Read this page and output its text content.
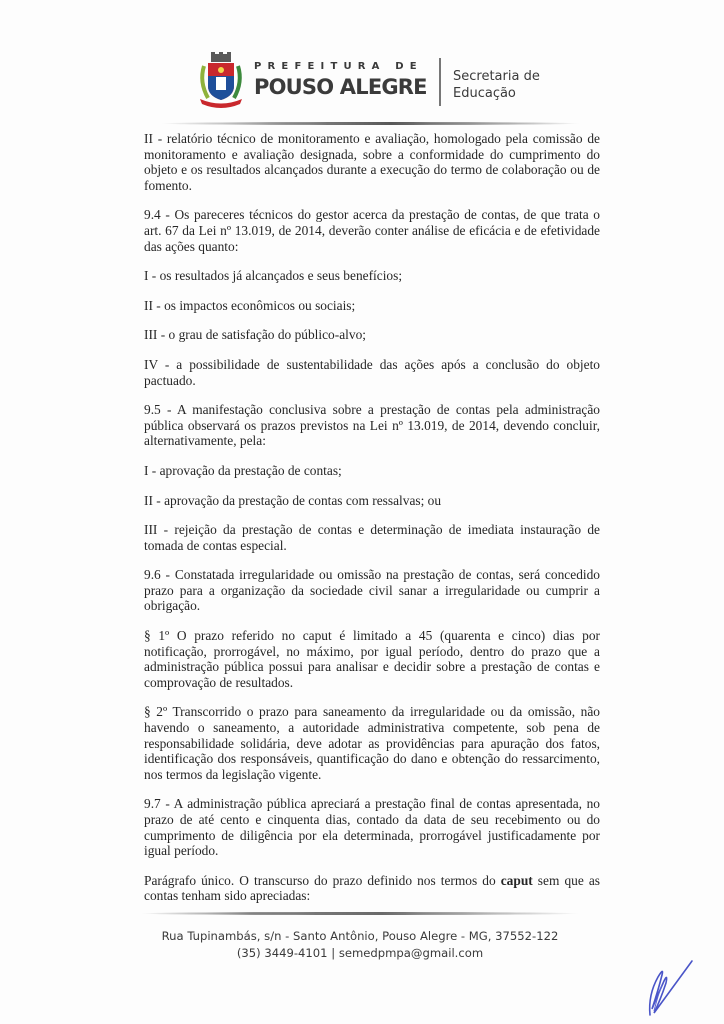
PREFEITURA DE
POUSO ALEGRE Secretaria de
Educação

II - relatório técnico de monitoramento e avaliação, homologado pela comissão de monitoramento e avaliação designada, sobre a conformidade do cumprimento do objeto e os resultados alcançados durante a execução do termo de colaboração ou de fomento.

9.4 - Os pareceres técnicos do gestor acerca da prestação de contas, de que trata o art. 67 da Lei nº 13.019, de 2014, deverão conter análise de eficácia e de efetividade das ações quanto:

I - os resultados já alcançados e seus benefícios;

II - os impactos econômicos ou sociais;

III - o grau de satisfação do público-alvo;

IV - a possibilidade de sustentabilidade das ações após a conclusão do objeto pactuado.

9.5 - A manifestação conclusiva sobre a prestação de contas pela administração pública observará os prazos previstos na Lei nº 13.019, de 2014, devendo concluir, alternativamente, pela:

I - aprovação da prestação de contas;

II - aprovação da prestação de contas com ressalvas; ou

III - rejeição da prestação de contas e determinação de imediata instauração de tomada de contas especial.

9.6 - Constatada irregularidade ou omissão na prestação de contas, será concedido prazo para a organização da sociedade civil sanar a irregularidade ou cumprir a obrigação.

§ 1º O prazo referido no caput é limitado a 45 (quarenta e cinco) dias por notificação, prorrogável, no máximo, por igual período, dentro do prazo que a administração pública possui para analisar e decidir sobre a prestação de contas e comprovação de resultados.

§ 2º Transcorrido o prazo para saneamento da irregularidade ou da omissão, não havendo o saneamento, a autoridade administrativa competente, sob pena de responsabilidade solidária, deve adotar as providências para apuração dos fatos, identificação dos responsáveis, quantificação do dano e obtenção do ressarcimento, nos termos da legislação vigente.

9.7 - A administração pública apreciará a prestação final de contas apresentada, no prazo de até cento e cinquenta dias, contado da data de seu recebimento ou do cumprimento de diligência por ela determinada, prorrogável justificadamente por igual período.

Parágrafo único. O transcurso do prazo definido nos termos do caput sem que as contas tenham sido apreciadas:

Rua Tupinambás, s/n - Santo Antônio, Pouso Alegre - MG, 37552-122
(35) 3449-4101 | semedpmpa@gmail.com
